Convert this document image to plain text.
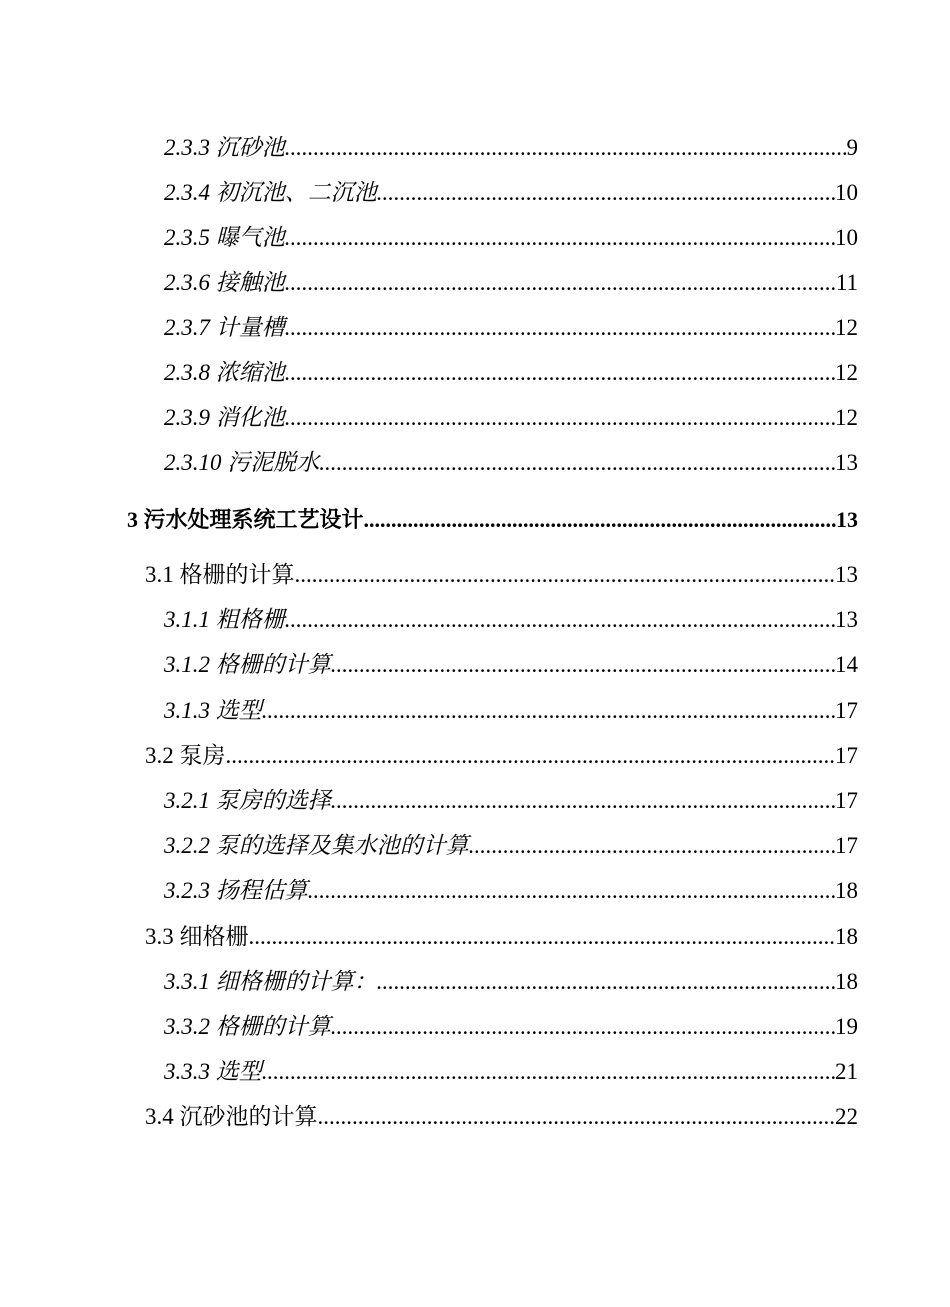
2.3.3 沉砂池 .....	9
2.3.4 初沉池、二沉池 .....	10
2.3.5 曝气池 .....	10
2.3.6 接触池 .....	11
2.3.7 计量槽 .....	12
2.3.8 浓缩池 .....	12
2.3.9 消化池 .....	12
2.3.10 污泥脱水 .....	13
3 污水处理系统工艺设计 .....	13
3.1 格栅的计算 .....	13
3.1.1 粗格栅 .....	13
3.1.2 格栅的计算 .....	14
3.1.3 选型 .....	17
3.2 泵房 .....	17
3.2.1 泵房的选择 .....	17
3.2.2 泵的选择及集水池的计算 .....	17
3.2.3 扬程估算 .....	18
3.3 细格栅 .....	18
3.3.1 细格栅的计算： .....	18
3.3.2 格栅的计算 .....	19
3.3.3 选型 .....	21
3.4 沉砂池的计算 .....	22
